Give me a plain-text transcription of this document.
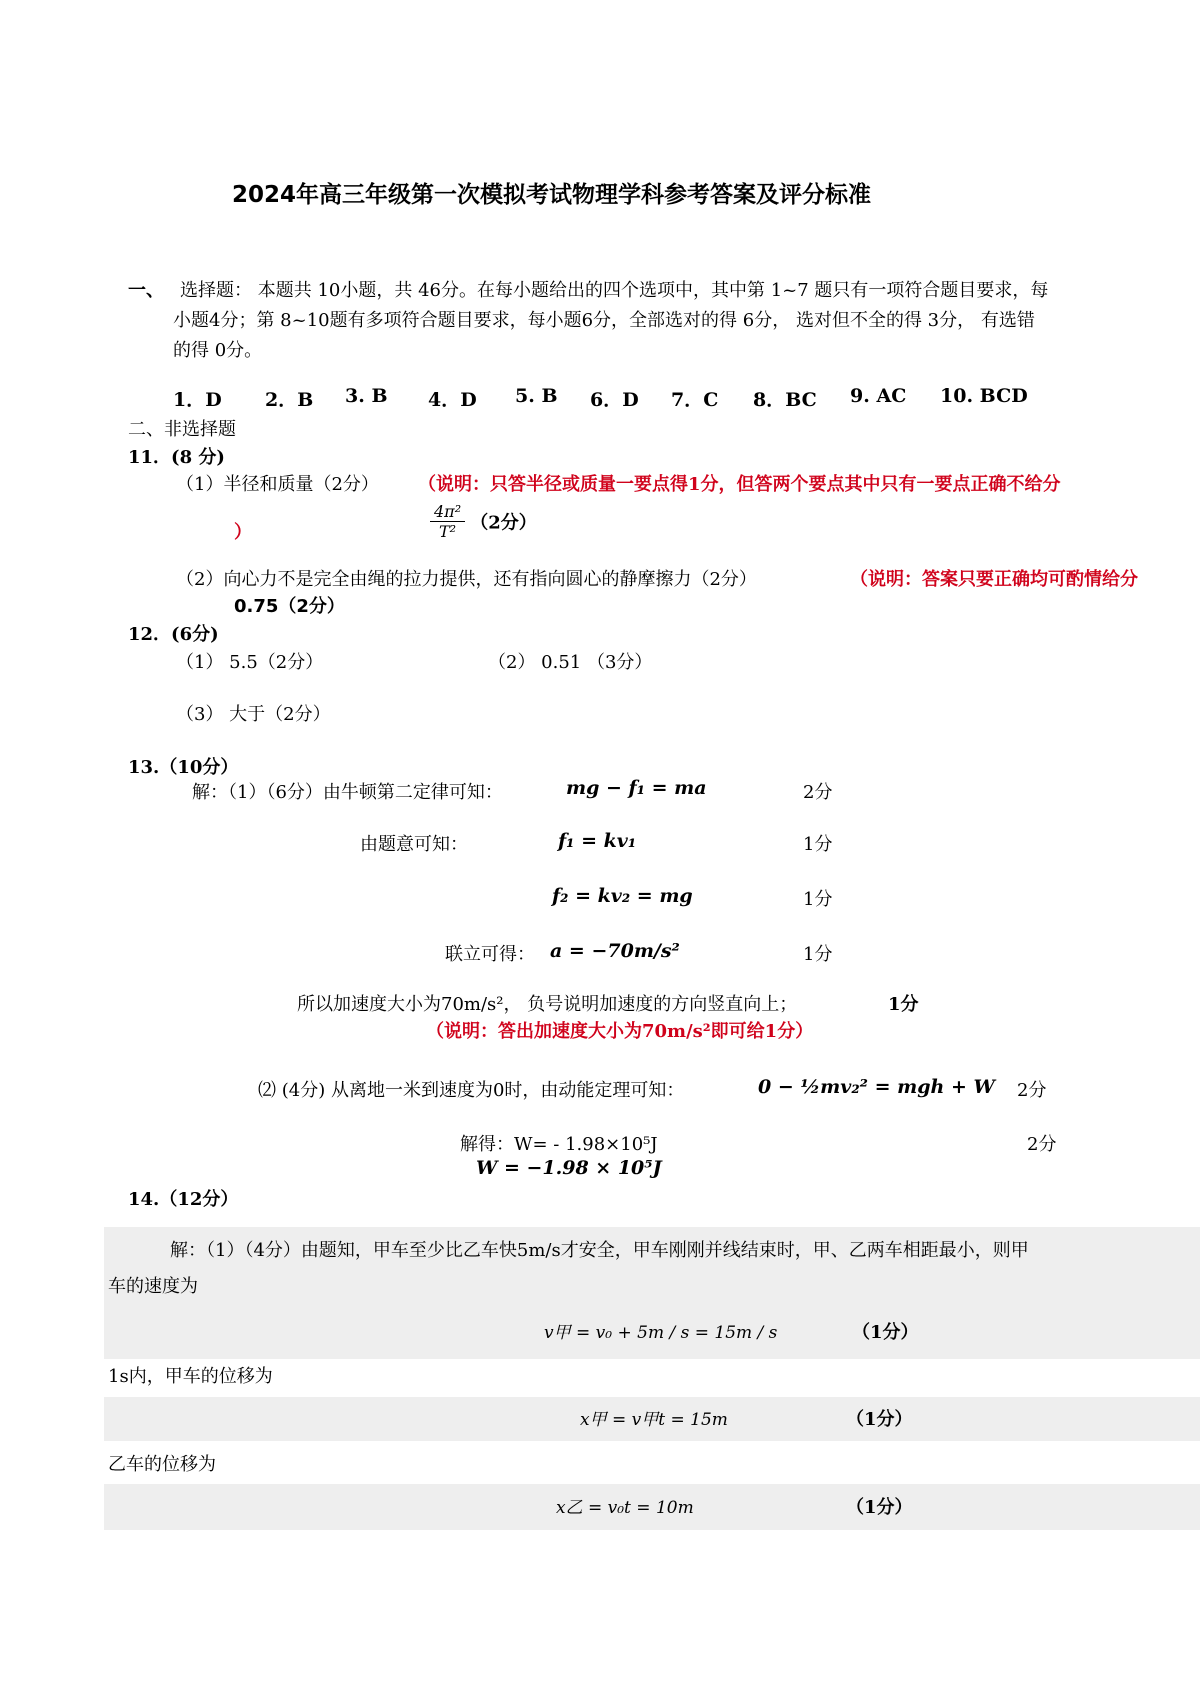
2024年高三年级第一次模拟考试物理学科参考答案及评分标准
一、 选择题： 本题共 10小题，共 46分。在每小题给出的四个选项中，其中第 1~7 题只有一项符合题目要求，每
小题4分；第 8~10题有多项符合题目要求，每小题6分，全部选对的得 6分， 选对但不全的得 3分， 有选错
的得 0分。
1．D 2．B 3. B 4．D 5. B 6．D 7．C 8．BC 9. AC 10. BCD
二、非选择题
11．(8 分)
（1）半径和质量（2分） （说明：只答半径或质量一要点得1分，但答两个要点其中只有一要点正确不给分
）	$\frac{\text{4π²}}{\text{T²}} (2$分）
（2）向心力不是完全由绳的拉力提供，还有指向圆心的静摩擦力（2分）	（说明：答案只要正确均可酌情给分
0.75（2分）
12．(6分)
（1） 5.5（2分）	（2） 0.51 （3分）
（3） 大于（2分）
13.（10分）
解：（1）（6分）由牛顿第二定律可知：	mg − f₁ = ma	2分
由题意可知：	f₁ = kv₁	1分
f₂ = kv₂ = mg	1分
联立可得： a = −70m/s²	1分
所以加速度大小为70m/s²， 负号说明加速度的方向竖直向上；	1分
（说明：答出加速度大小为70m/s²即可给1分）
⑵ (4分) 从离地一米到速度为0时，由动能定理可知：	0 − ½mv₂² = mgh + W 2分
解得：W= - 1.98×10⁵J	2分
W = −1.98 × 10⁵J
14.（12分）
解：（1）（4分）由题知，甲车至少比乙车快5m/s才安全，甲车刚刚并线结束时，甲、乙两车相距最小，则甲
车的速度为
v甲 = v₀ + 5m / s = 15m / s	（1分）
1s内，甲车的位移为
x甲 = v甲t = 15m	（1分）
乙车的位移为
x乙 = v₀t = 10m	（1分）
